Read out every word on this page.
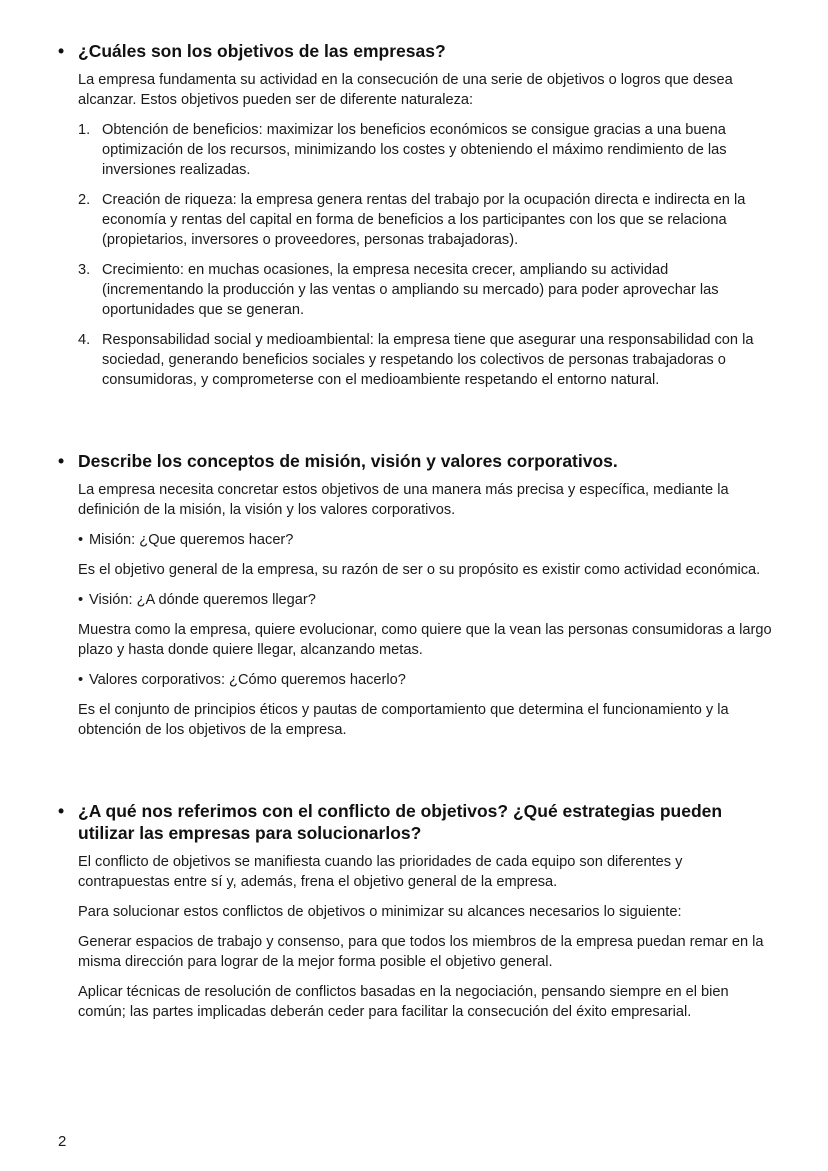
• ¿Cuáles son los objetivos de las empresas?

La empresa fundamenta su actividad en la consecución de una serie de objetivos o logros que desea alcanzar. Estos objetivos pueden ser de diferente naturaleza:

1. Obtención de beneficios: maximizar los beneficios económicos se consigue gracias a una buena optimización de los recursos, minimizando los costes y obteniendo el máximo rendimiento de las inversiones realizadas.
2. Creación de riqueza: la empresa genera rentas del trabajo por la ocupación directa e indirecta en la economía y rentas del capital en forma de beneficios a los participantes con los que se relaciona (propietarios, inversores o proveedores, personas trabajadoras).
3. Crecimiento: en muchas ocasiones, la empresa necesita crecer, ampliando su actividad (incrementando la producción y las ventas o ampliando su mercado) para poder aprovechar las oportunidades que se generan.
4. Responsabilidad social y medioambiental: la empresa tiene que asegurar una responsabilidad con la sociedad, generando beneficios sociales y respetando los colectivos de personas trabajadoras o consumidoras, y comprometerse con el medioambiente respetando el entorno natural.
• Describe los conceptos de misión, visión y valores corporativos.

La empresa necesita concretar estos objetivos de una manera más precisa y específica, mediante la definición de la misión, la visión y los valores corporativos.

• Misión: ¿Que queremos hacer?

Es el objetivo general de la empresa, su razón de ser o su propósito es existir como actividad económica.

• Visión: ¿A dónde queremos llegar?

Muestra como la empresa, quiere evolucionar, como quiere que la vean las personas consumidoras a largo plazo y hasta donde quiere llegar, alcanzando metas.

• Valores corporativos: ¿Cómo queremos hacerlo?

Es el conjunto de principios éticos y pautas de comportamiento que determina el funcionamiento y la obtención de los objetivos de la empresa.

• ¿A qué nos referimos con el conflicto de objetivos? ¿Qué estrategias pueden utilizar las empresas para solucionarlos?

El conflicto de objetivos se manifiesta cuando las prioridades de cada equipo son diferentes y contrapuestas entre sí y, además, frena el objetivo general de la empresa.

Para solucionar estos conflictos de objetivos o minimizar su alcances necesarios lo siguiente:

Generar espacios de trabajo y consenso, para que todos los miembros de la empresa puedan remar en la misma dirección para lograr de la mejor forma posible el objetivo general.

Aplicar técnicas de resolución de conflictos basadas en la negociación, pensando siempre en el bien común; las partes implicadas deberán ceder para facilitar la consecución del éxito empresarial.

2
